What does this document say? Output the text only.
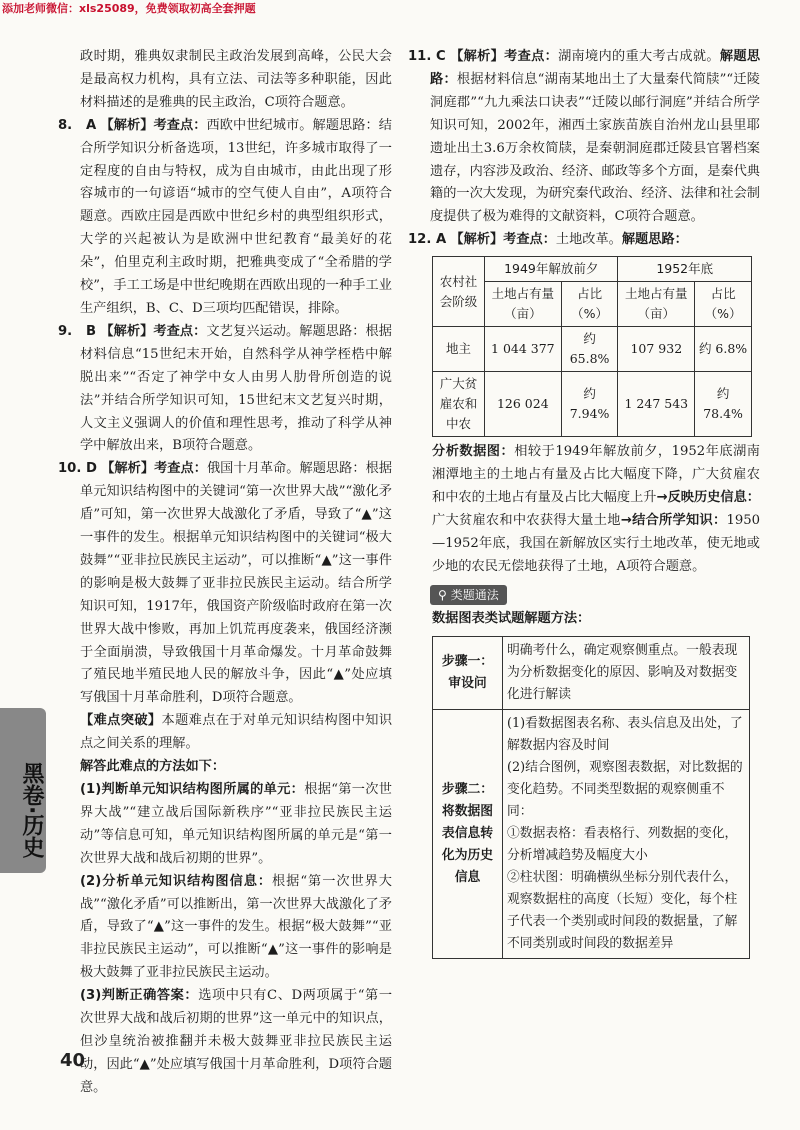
添加老师微信：xls25089，免费领取初高全套押题

政时期，雅典奴隶制民主政治发展到高峰，公民大会是最高权力机构，具有立法、司法等多种职能，因此材料描述的是雅典的民主政治，C项符合题意。

8. A 【解析】考查点：西欧中世纪城市。解题思路：结合所学知识分析备选项，13世纪，许多城市取得了一定程度的自由与特权，成为自由城市，由此出现了形容城市的一句谚语“城市的空气使人自由”，A项符合题意。西欧庄园是西欧中世纪乡村的典型组织形式，大学的兴起被认为是欧洲中世纪教育“最美好的花朵”，伯里克利主政时期，把雅典变成了“全希腊的学校”，手工工场是中世纪晚期在西欧出现的一种手工业生产组织，B、C、D三项均匹配错误，排除。

9. B 【解析】考查点：文艺复兴运动。解题思路：根据材料信息“15世纪末开始，自然科学从神学桎梏中解脱出来”“否定了神学中女人由男人肋骨所创造的说法”并结合所学知识可知，15世纪末文艺复兴时期，人文主义强调人的价值和理性思考，推动了科学从神学中解放出来，B项符合题意。

10. D 【解析】考查点：俄国十月革命。解题思路：根据单元知识结构图中的关键词“第一次世界大战”“激化矛盾”可知，第一次世界大战激化了矛盾，导致了“▲”这一事件的发生。根据单元知识结构图中的关键词“极大鼓舞”“亚非拉民族民主运动”，可以推断“▲”这一事件的影响是极大鼓舞了亚非拉民族民主运动。结合所学知识可知，1917年，俄国资产阶级临时政府在第一次世界大战中惨败，再加上饥荒再度袭来，俄国经济濒于全面崩溃，导致俄国十月革命爆发。十月革命鼓舞了殖民地半殖民地人民的解放斗争，因此“▲”处应填写俄国十月革命胜利，D项符合题意。

【难点突破】本题难点在于对单元知识结构图中知识点之间关系的理解。

解答此难点的方法如下：

(1)判断单元知识结构图所属的单元：根据“第一次世界大战”“建立战后国际新秩序”“亚非拉民族民主运动”等信息可知，单元知识结构图所属的单元是“第一次世界大战和战后初期的世界”。

(2)分析单元知识结构图信息：根据“第一次世界大战”“激化矛盾”可以推断出，第一次世界大战激化了矛盾，导致了“▲”这一事件的发生。根据“极大鼓舞”“亚非拉民族民主运动”，可以推断“▲”这一事件的影响是极大鼓舞了亚非拉民族民主运动。

(3)判断正确答案：选项中只有C、D两项属于“第一次世界大战和战后初期的世界”这一单元中的知识点，但沙皇统治被推翻并未极大鼓舞亚非拉民族民主运动，因此“▲”处应填写俄国十月革命胜利，D项符合题意。

11. C 【解析】考查点：湖南境内的重大考古成就。解题思路：根据材料信息“湖南某地出土了大量秦代简牍”“迁陵洞庭郡”“九九乘法口诀表”“迁陵以邮行洞庭”并结合所学知识可知，2002年，湘西土家族苗族自治州龙山县里耶遗址出土3.6万余枚简牍，是秦朝洞庭郡迁陵县官署档案遗存，内容涉及政治、经济、邮政等多个方面，是秦代典籍的一次大发现，为研究秦代政治、经济、法律和社会制度提供了极为难得的文献资料，C项符合题意。

12. A 【解析】考查点：土地改革。解题思路：

农村社会阶级	1949年解放前夕		1952年底	
	土地占有量（亩）	占比（%）	土地占有量（亩）	占比（%）
地主	1 044 377	约 65.8%	107 932	约 6.8%
广大贫雇农和中农	126 024	约 7.94%	1 247 543	约 78.4%

分析数据图：相较于1949年解放前夕，1952年底湖南湘潭地主的土地占有量及占比大幅度下降，广大贫雇农和中农的土地占有量及占比大幅度上升→反映历史信息：广大贫雇农和中农获得大量土地→结合所学知识：1950—1952年底，我国在新解放区实行土地改革，使无地或少地的农民无偿地获得了土地，A项符合题意。

⚲ 类题通法

数据图表类试题解题方法：

步骤一：审设问	明确考什么，确定观察侧重点。一般表现为分析数据变化的原因、影响及对数据变化进行解读
步骤二：将数据图表信息转化为历史信息	(1)看数据图表名称、表头信息及出处，了解数据内容及时间
(2)结合图例，观察图表数据，对比数据的变化趋势。不同类型数据的观察侧重不同：
①数据表格：看表格行、列数据的变化，分析增减趋势及幅度大小
②柱状图：明确横纵坐标分别代表什么，观察数据柱的高度（长短）变化，每个柱子代表一个类别或时间段的数据量，了解不同类别或时间段的数据差异
黑卷·历史
40
